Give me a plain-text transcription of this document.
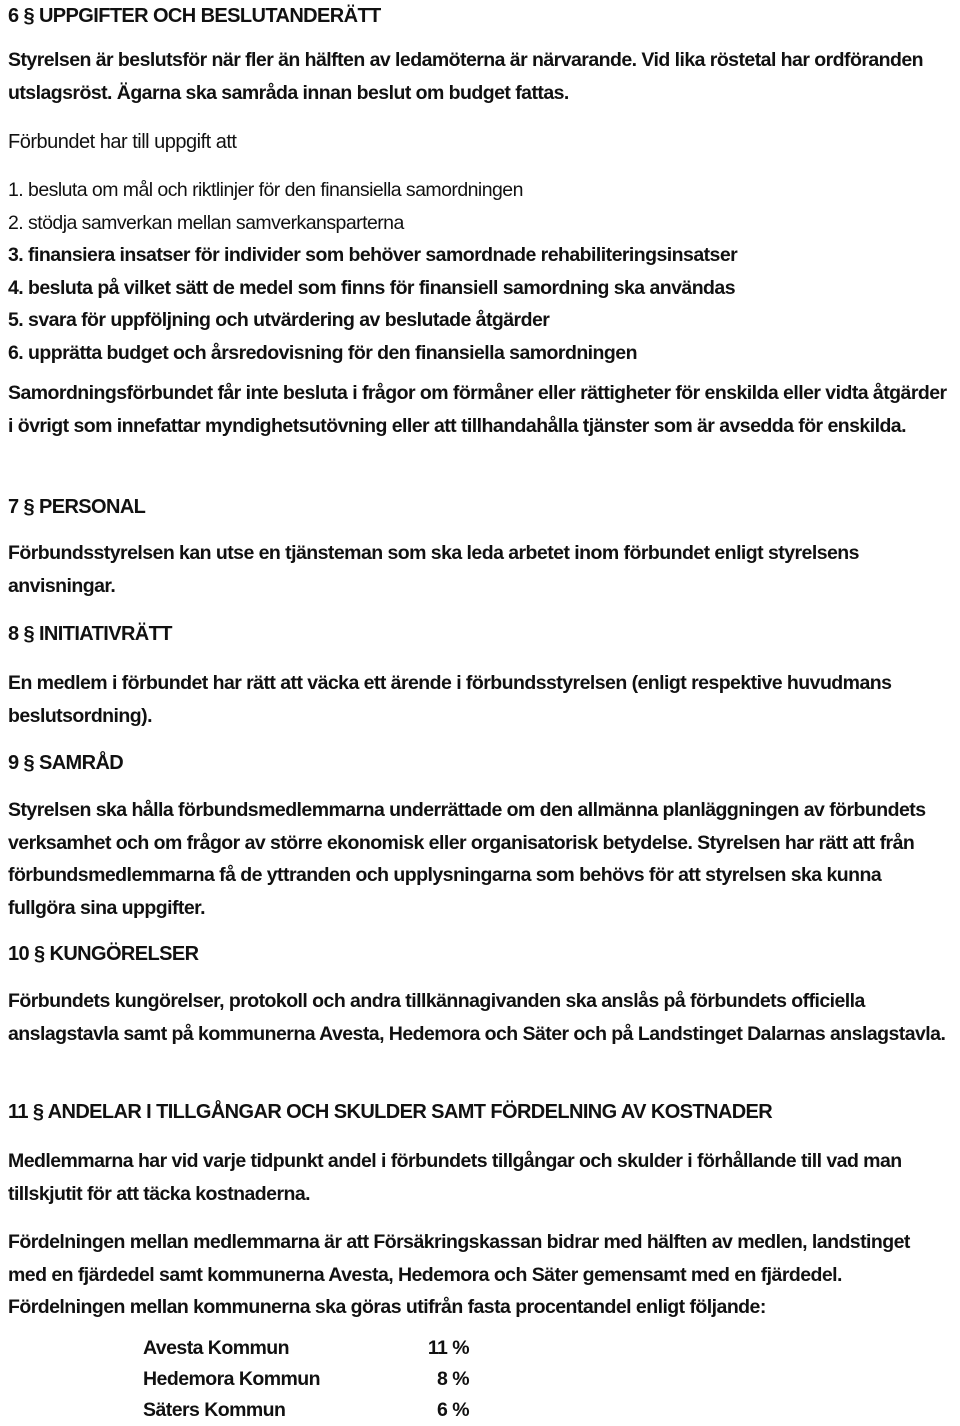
6 § UPPGIFTER OCH BESLUTANDERÄTT

Styrelsen är beslutsför när fler än hälften av ledamöterna är närvarande. Vid lika röstetal har ordföranden utslagsröst. Ägarna ska samråda innan beslut om budget fattas.

Förbundet har till uppgift att

1. besluta om mål och riktlinjer för den finansiella samordningen
2. stödja samverkan mellan samverkansparterna
3. finansiera insatser för individer som behöver samordnade rehabiliteringsinsatser
4. besluta på vilket sätt de medel som finns för finansiell samordning ska användas
5. svara för uppföljning och utvärdering av beslutade åtgärder
6. upprätta budget och årsredovisning för den finansiella samordningen

Samordningsförbundet får inte besluta i frågor om förmåner eller rättigheter för enskilda eller vidta åtgärder i övrigt som innefattar myndighetsutövning eller att tillhandahålla tjänster som är avsedda för enskilda.

7 § PERSONAL

Förbundsstyrelsen kan utse en tjänsteman som ska leda arbetet inom förbundet enligt styrelsens anvisningar.

8 § INITIATIVRÄTT

En medlem i förbundet har rätt att väcka ett ärende i förbundsstyrelsen (enligt respektive huvudmans beslutsordning).

9 § SAMRÅD

Styrelsen ska hålla förbundsmedlemmarna underrättade om den allmänna planläggningen av förbundets verksamhet och om frågor av större ekonomisk eller organisatorisk betydelse. Styrelsen har rätt att från förbundsmedlemmarna få de yttranden och upplysningarna som behövs för att styrelsen ska kunna fullgöra sina uppgifter.

10 § KUNGÖRELSER

Förbundets kungörelser, protokoll och andra tillkännagivanden ska anslås på förbundets officiella anslagstavla samt på kommunerna Avesta, Hedemora och Säter och på Landstinget Dalarnas anslagstavla.

11 § ANDELAR I TILLGÅNGAR OCH SKULDER SAMT FÖRDELNING AV KOSTNADER

Medlemmarna har vid varje tidpunkt andel i förbundets tillgångar och skulder i förhållande till vad man tillskjutit för att täcka kostnaderna.

Fördelningen mellan medlemmarna är att Försäkringskassan bidrar med hälften av medlen, landstinget med en fjärdedel samt kommunerna Avesta, Hedemora och Säter gemensamt med en fjärdedel. Fördelningen mellan kommunerna ska göras utifrån fasta procentandel enligt följande:

Avesta Kommun	11 %
Hedemora Kommun	8 %
Säters Kommun	6 %
